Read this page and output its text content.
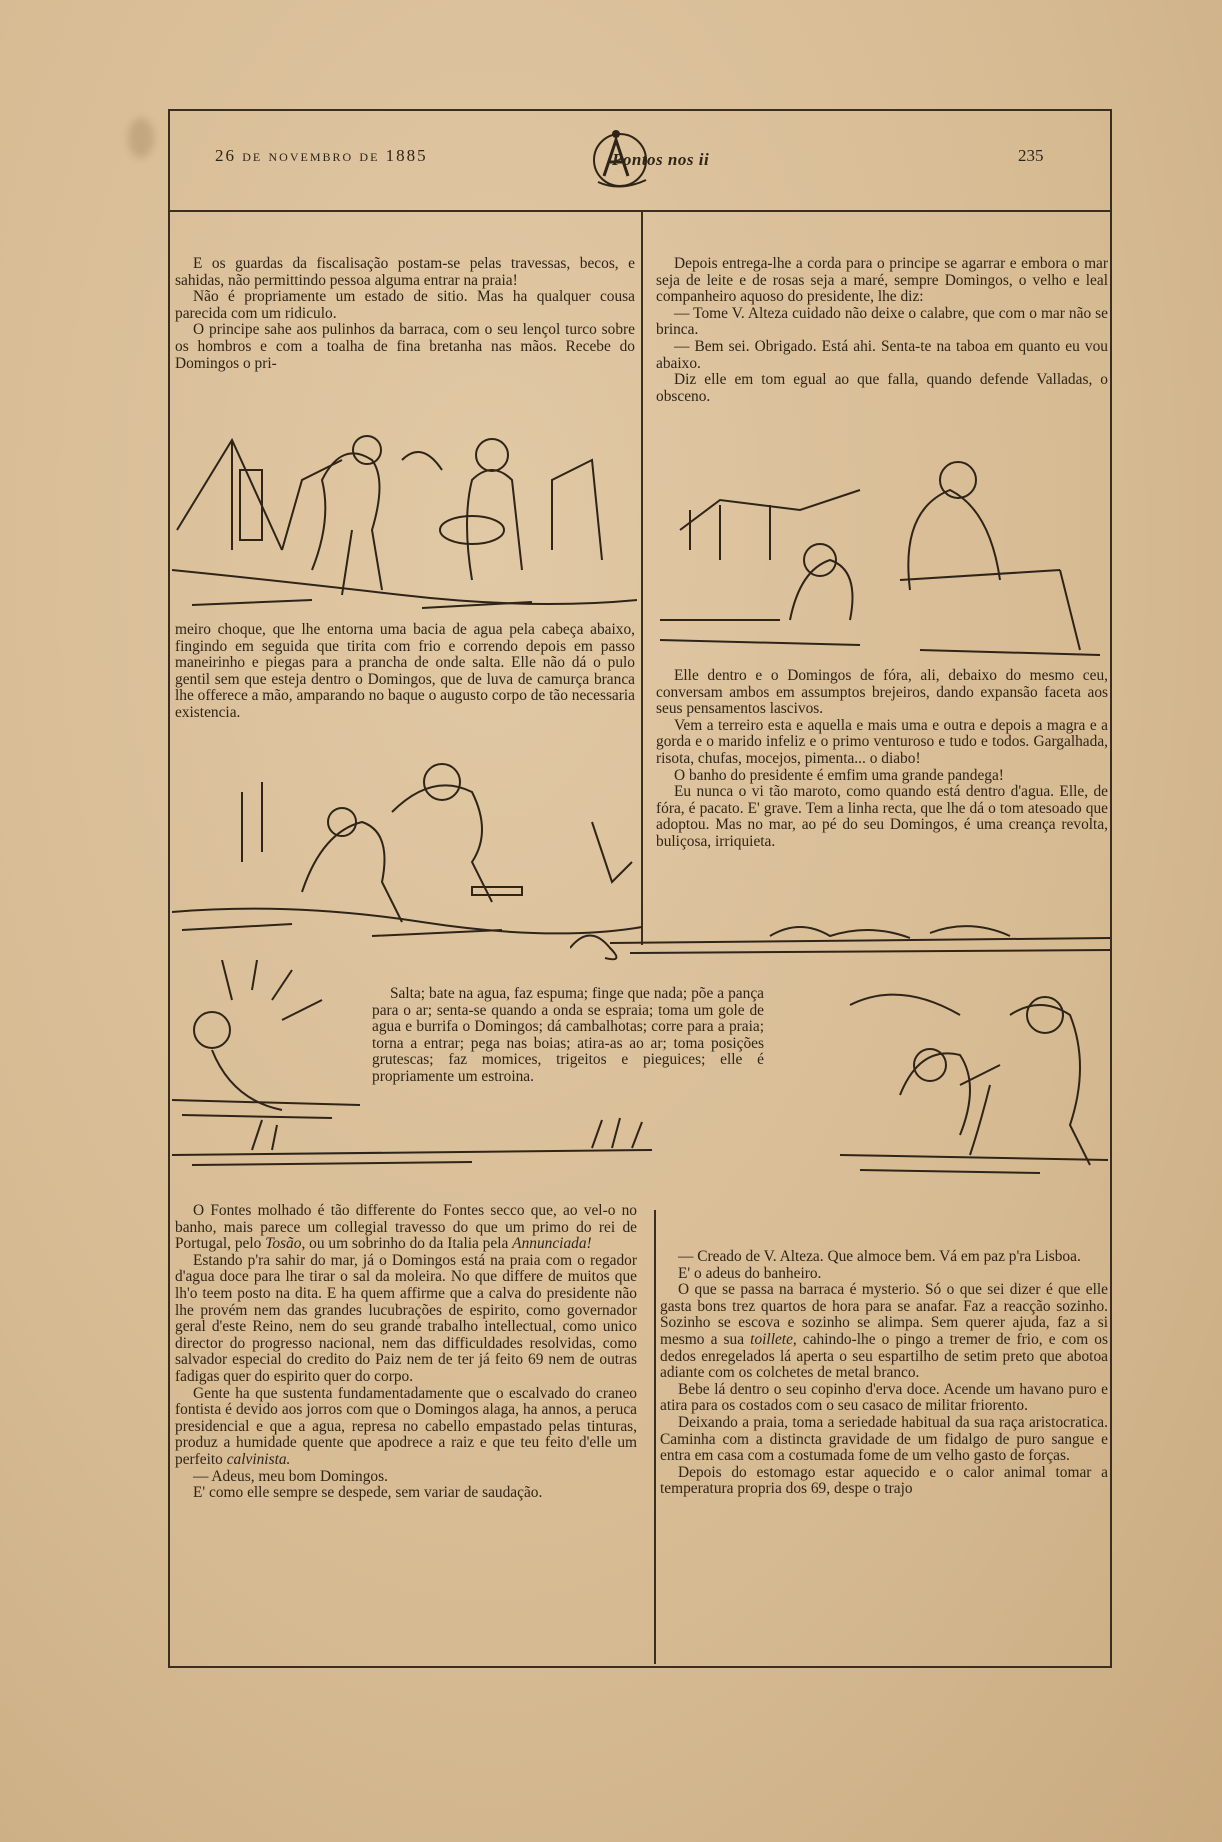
26 de novembro de 1885	Pontos nos ii	235

E os guardas da fiscalisação postam-se pelas travessas, becos, e sahidas, não permittindo pessoa alguma entrar na praia!

Não é propriamente um estado de sitio. Mas ha qualquer cousa parecida com um ridiculo.

O principe sahe aos pulinhos da barraca, com o seu lençol turco sobre os hombros e com a toalha de fina bretanha nas mãos. Recebe do Domingos o pri-

meiro choque, que lhe entorna uma bacia de agua pela cabeça abaixo, fingindo em seguida que tirita com frio e correndo depois em passo maneirinho e piegas para a prancha de onde salta. Elle não dá o pulo gentil sem que esteja dentro o Domingos, que de luva de camurça branca lhe offerece a mão, amparando no baque o augusto corpo de tão necessaria existencia.

Depois entrega-lhe a corda para o principe se agarrar e embora o mar seja de leite e de rosas seja a maré, sempre Domingos, o velho e leal companheiro aquoso do presidente, lhe diz:

— Tome V. Alteza cuidado não deixe o calabre, que com o mar não se brinca.

— Bem sei. Obrigado. Está ahi. Senta-te na taboa em quanto eu vou abaixo.

Diz elle em tom egual ao que falla, quando defende Valladas, o obsceno.

Elle dentro e o Domingos de fóra, ali, debaixo do mesmo ceu, conversam ambos em assumptos brejeiros, dando expansão faceta aos seus pensamentos lascivos.

Vem a terreiro esta e aquella e mais uma e outra e depois a magra e a gorda e o marido infeliz e o primo venturoso e tudo e todos. Gargalhada, risota, chufas, mocejos, pimenta... o diabo!

O banho do presidente é emfim uma grande pandega!

Eu nunca o vi tão maroto, como quando está dentro d'agua. Elle, de fóra, é pacato. E' grave. Tem a linha recta, que lhe dá o tom atesoado que adoptou. Mas no mar, ao pé do seu Domingos, é uma creança revolta, buliçosa, irriquieta.

Salta; bate na agua, faz espuma; finge que nada; põe a pança para o ar; senta-se quando a onda se espraia; toma um gole de agua e burrifa o Domingos; dá cambalhotas; corre para a praia; torna a entrar; pega nas boias; atira-as ao ar; toma posições grutescas; faz momices, trigeitos e pieguices; elle é propriamente um estroina.

O Fontes molhado é tão differente do Fontes secco que, ao vel-o no banho, mais parece um collegial travesso do que um primo do rei de Portugal, pelo Tosão, ou um sobrinho do da Italia pela Annunciada!

Estando p'ra sahir do mar, já o Domingos está na praia com o regador d'agua doce para lhe tirar o sal da moleira. No que differe de muitos que lh'o teem posto na dita. E ha quem affirme que a calva do presidente não lhe provém nem das grandes lucubrações de espirito, como governador geral d'este Reino, nem do seu grande trabalho intellectual, como unico director do progresso nacional, nem das difficuldades resolvidas, como salvador especial do credito do Paiz nem de ter já feito 69 nem de outras fadigas quer do espirito quer do corpo.

Gente ha que sustenta fundamentadamente que o escalvado do craneo fontista é devido aos jorros com que o Domingos alaga, ha annos, a peruca presidencial e que a agua, represa no cabello empastado pelas tinturas, produz a humidade quente que apodrece a raiz e que teu feito d'elle um perfeito calvinista.

— Adeus, meu bom Domingos.

E' como elle sempre se despede, sem variar de saudação.

— Creado de V. Alteza. Que almoce bem. Vá em paz p'ra Lisboa.

E' o adeus do banheiro.

O que se passa na barraca é mysterio. Só o que sei dizer é que elle gasta bons trez quartos de hora para se anafar. Faz a reacção sozinho. Sozinho se escova e sozinho se alimpa. Sem querer ajuda, faz a si mesmo a sua toillete, cahindo-lhe o pingo a tremer de frio, e com os dedos enregelados lá aperta o seu espartilho de setim preto que abotoa adiante com os colchetes de metal branco.

Bebe lá dentro o seu copinho d'erva doce. Acende um havano puro e atira para os costados com o seu casaco de militar friorento.

Deixando a praia, toma a seriedade habitual da sua raça aristocratica. Caminha com a distincta gravidade de um fidalgo de puro sangue e entra em casa com a costumada fome de um velho gasto de forças.

Depois do estomago estar aquecido e o calor animal tomar a temperatura propria dos 69, despe o trajo
